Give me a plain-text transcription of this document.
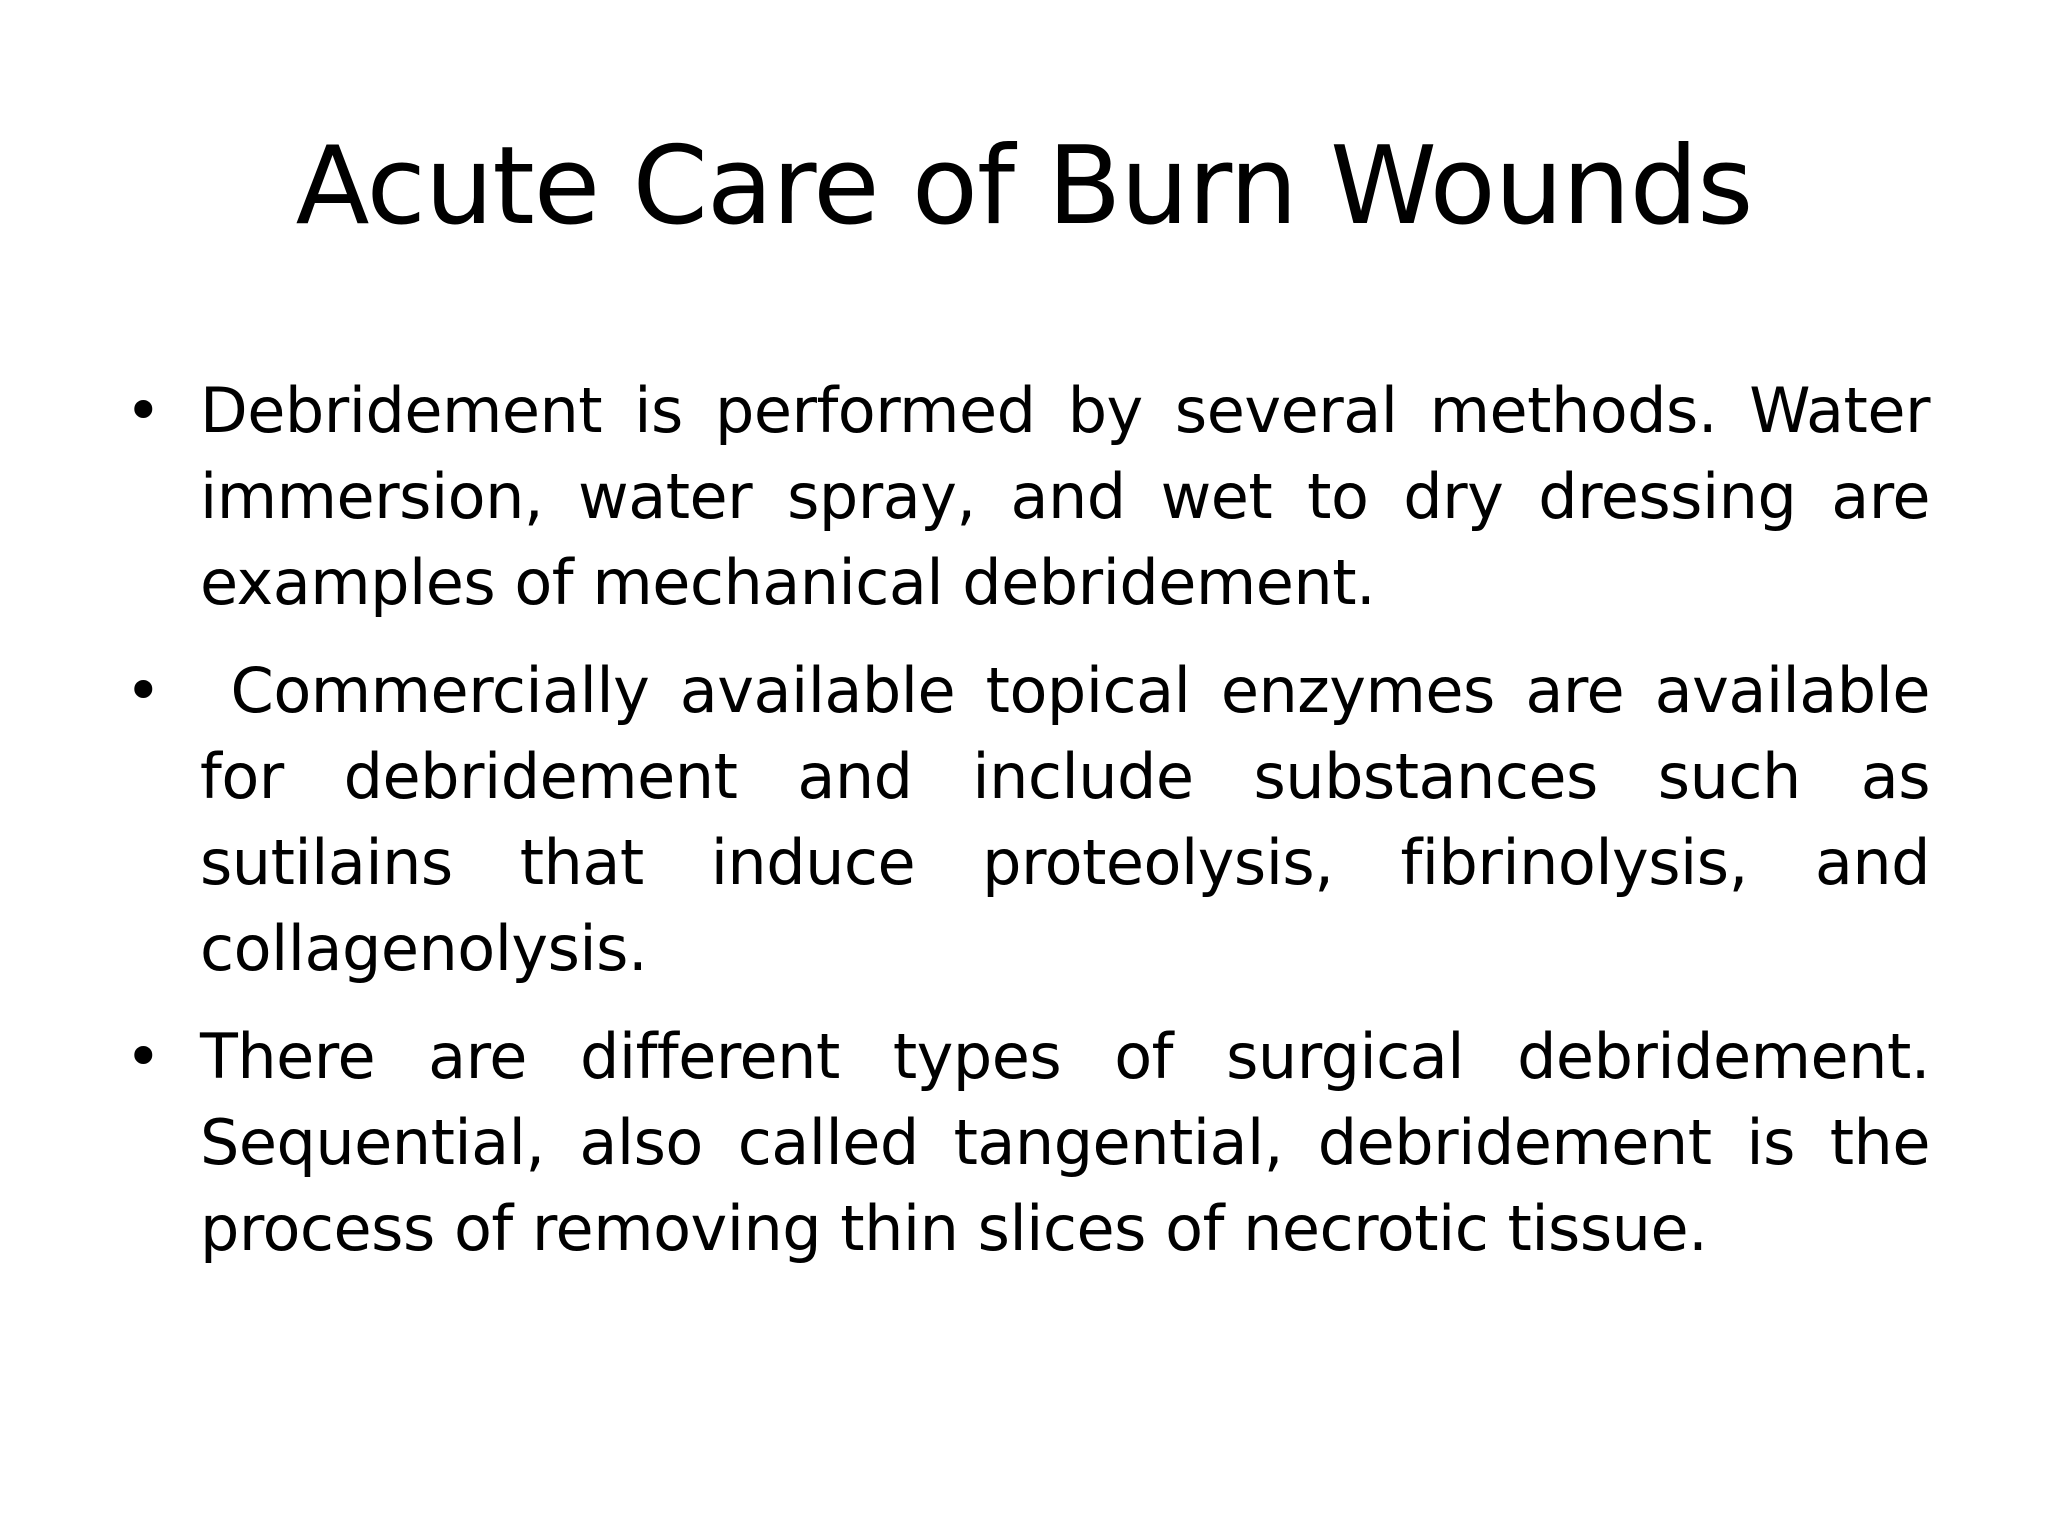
Acute Care of Burn Wounds
• Debridement is performed by several methods. Water immersion, water spray, and wet to dry dressing are examples of mechanical debridement.
• Commercially available topical enzymes are available for debridement and include substances such as sutilains that induce proteolysis, fibrinolysis, and collagenolysis.
• There are different types of surgical debridement. Sequential, also called tangential, debridement is the process of removing thin slices of necrotic tissue.
